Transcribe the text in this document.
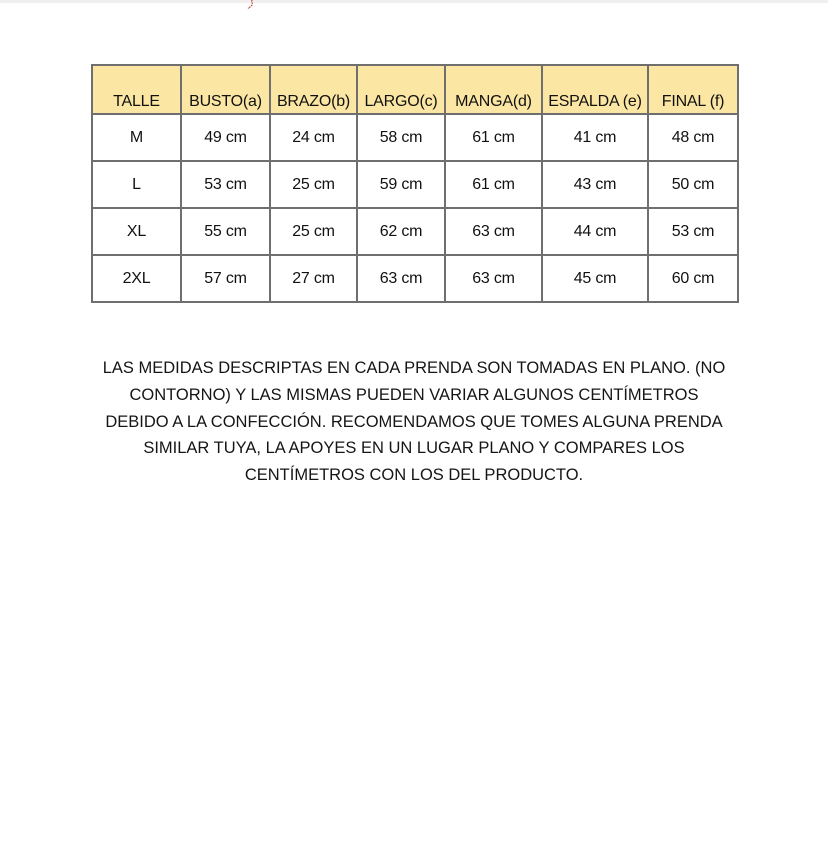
TALLE	BUSTO(a)	BRAZO(b)	LARGO(c)	MANGA(d)	ESPALDA (e)	FINAL (f)
M	49 cm	24 cm	58 cm	61 cm	41 cm	48 cm
L	53 cm	25 cm	59 cm	61 cm	43 cm	50 cm
XL	55 cm	25 cm	62 cm	63 cm	44 cm	53 cm
2XL	57 cm	27 cm	63 cm	63 cm	45 cm	60 cm

LAS MEDIDAS DESCRIPTAS EN CADA PRENDA SON TOMADAS EN PLANO. (NO
CONTORNO) Y LAS MISMAS PUEDEN VARIAR ALGUNOS CENTÍMETROS
DEBIDO A LA CONFECCIÓN. RECOMENDAMOS QUE TOMES ALGUNA PRENDA
SIMILAR TUYA, LA APOYES EN UN LUGAR PLANO Y COMPARES LOS
CENTÍMETROS CON LOS DEL PRODUCTO.
